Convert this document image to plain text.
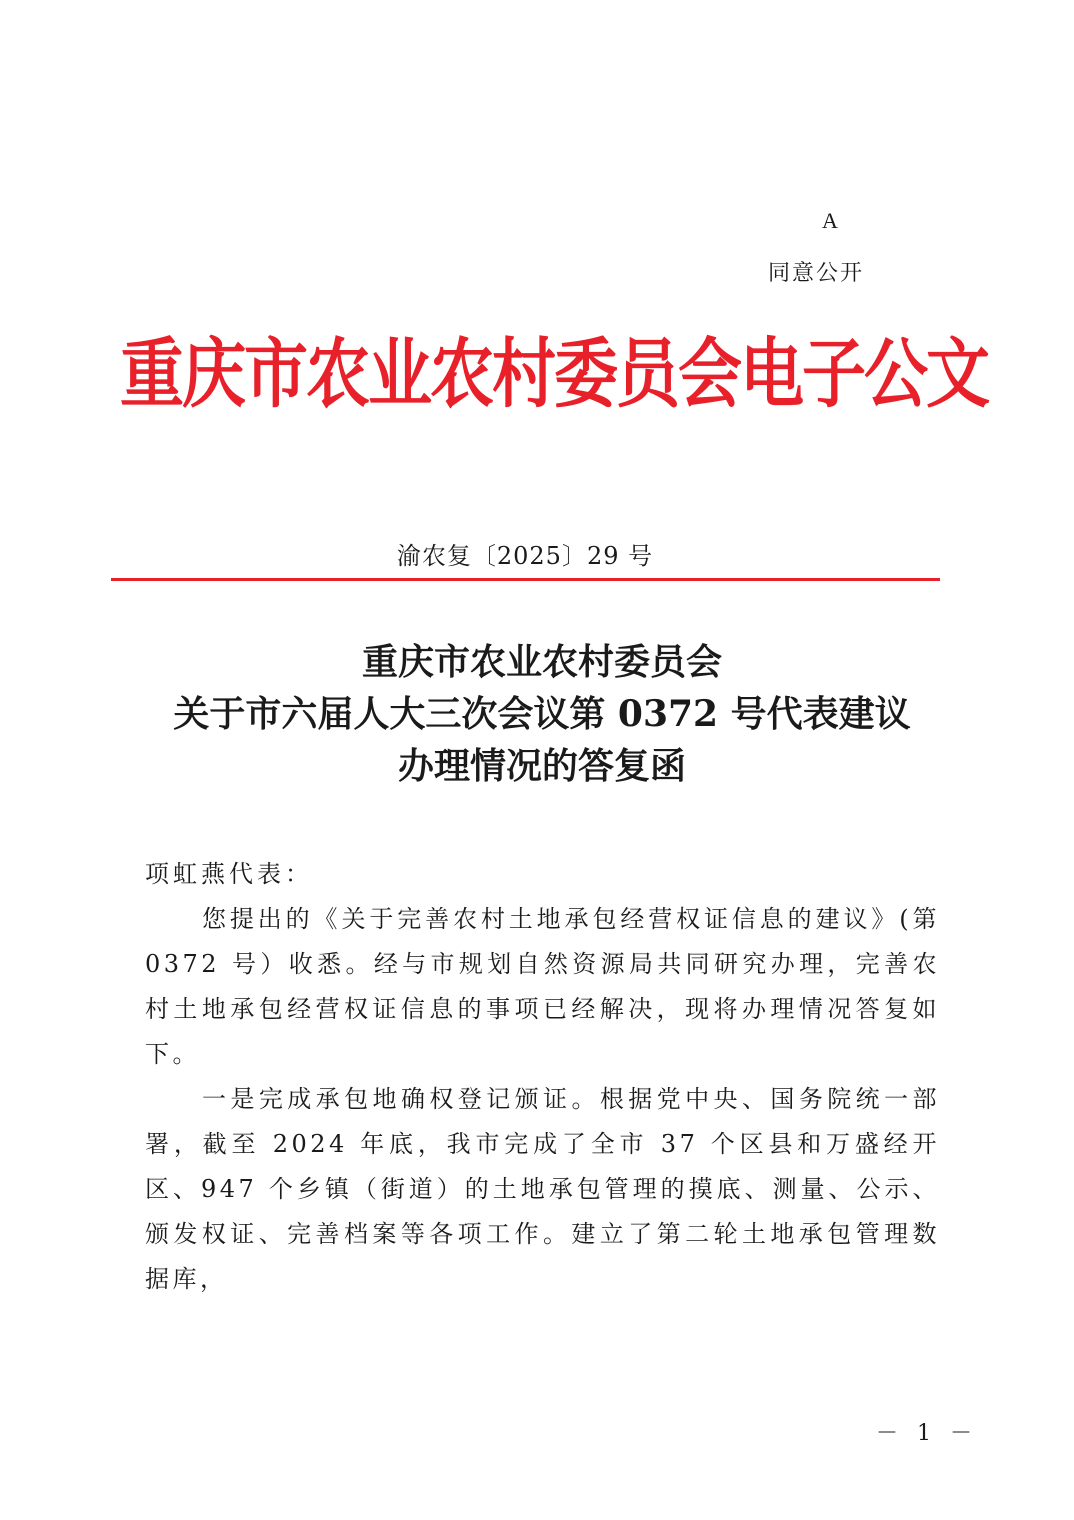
A
同意公开
重庆市农业农村委员会电子公文
渝农复〔2025〕29 号
重庆市农业农村委员会
关于市六届人大三次会议第 0372 号代表建议
办理情况的答复函

项虹燕代表：

您提出的《关于完善农村土地承包经营权证信息的建议》(第 0372 号）收悉。经与市规划自然资源局共同研究办理，完善农村土地承包经营权证信息的事项已经解决，现将办理情况答复如下。

一是完成承包地确权登记颁证。根据党中央、国务院统一部署，截至 2024 年底，我市完成了全市 37 个区县和万盛经开区、947 个乡镇（街道）的土地承包管理的摸底、测量、公示、颁发权证、完善档案等各项工作。建立了第二轮土地承包管理数据库，

－ 1 －
